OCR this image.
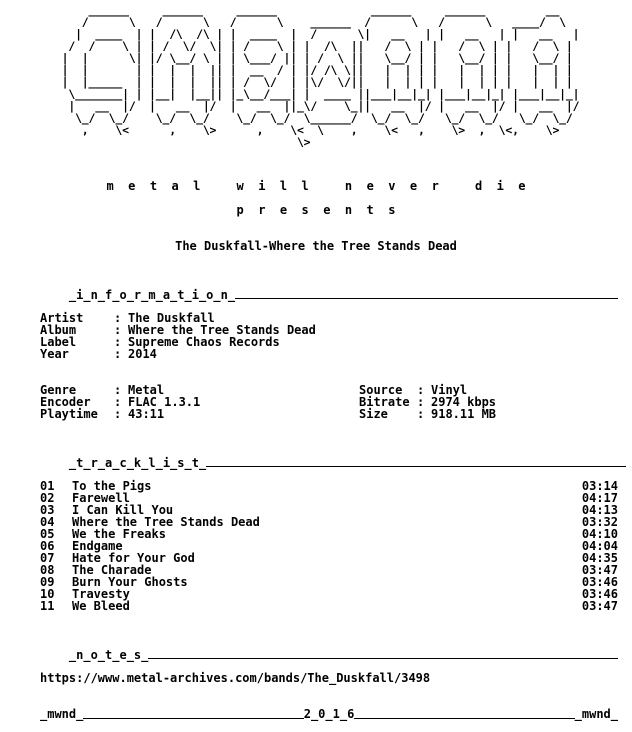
______     ______     ______              ______     ______         __
/      \   /      \   /      \    ______  /      \   /      \   ____/  \
|  ____  | |  /\  /\ | |  ____  |  /      \|   __   | |   __   | |   __   |
/  /    \ | | /  \/  \| | /    \ | |  /\  ||   /  \ | |   /  \ | |   /  \ |
|  |      \| |/ \__/ \ | | \___/ || | /  \ ||   \__/ | |   \__/ | |   \__/ |
|  |       | |  |  |  || |  __  / | |/ /\ \||   |  | | |   |  | | |   |  | |
|  |_____  | |  |  |  || | /  \/  | |\/  \/||   |  | | |   |  | | |   |  | |
\_______| | |__|  |__|| |_\__/___| |  ____ ||___|__|_| |___|__|_| |___|__|_|
|   __  |/  |   __  |/  |   __  ||_\/    \_||   __  |/ |   __  |/ |   __  |/
\_/  \_/    \_/  \_/    \_/  \_/  \______/  \_/  \_/   \_/  \_/   \_/  \_/
,    \<      ,    \>      ,    \<  \    ,    \<   ,    \>  ,  \<,    \>
\>
m  e  t  a  l     w  i  l  l     n  e  v  e  r     d  i  e
p  r  e  s  e  n  t  s
The Duskfall-Where the Tree Stands Dead

_i_n_f_o_r_m_a_t_i_o_n_

Artist	: The Duskfall
Album	: Where the Tree Stands Dead
Label	: Supreme Chaos Records
Year	: 2014
Genre	: Metal
Encoder	: FLAC 1.3.1
Playtime	: 43:11
Source	: Vinyl
Bitrate : 2974 kbps
Size	: 918.11 MB

_t_r_a_c_k_l_i_s_t_

01	To the Pigs	03:14
02	Farewell	04:17
03	I Can Kill You	04:13
04	Where the Tree Stands Dead	03:32
05	We the Freaks	04:10
06	Endgame	04:04
07	Hate for Your God	04:35
08	The Charade	03:47
09	Burn Your Ghosts	03:46
10	Travesty	03:46
11	We Bleed	03:47

_n_o_t_e_s_

https://www.metal-archives.com/bands/The_Duskfall/3498
_mwnd_	2_0_1_6	_mwnd_
